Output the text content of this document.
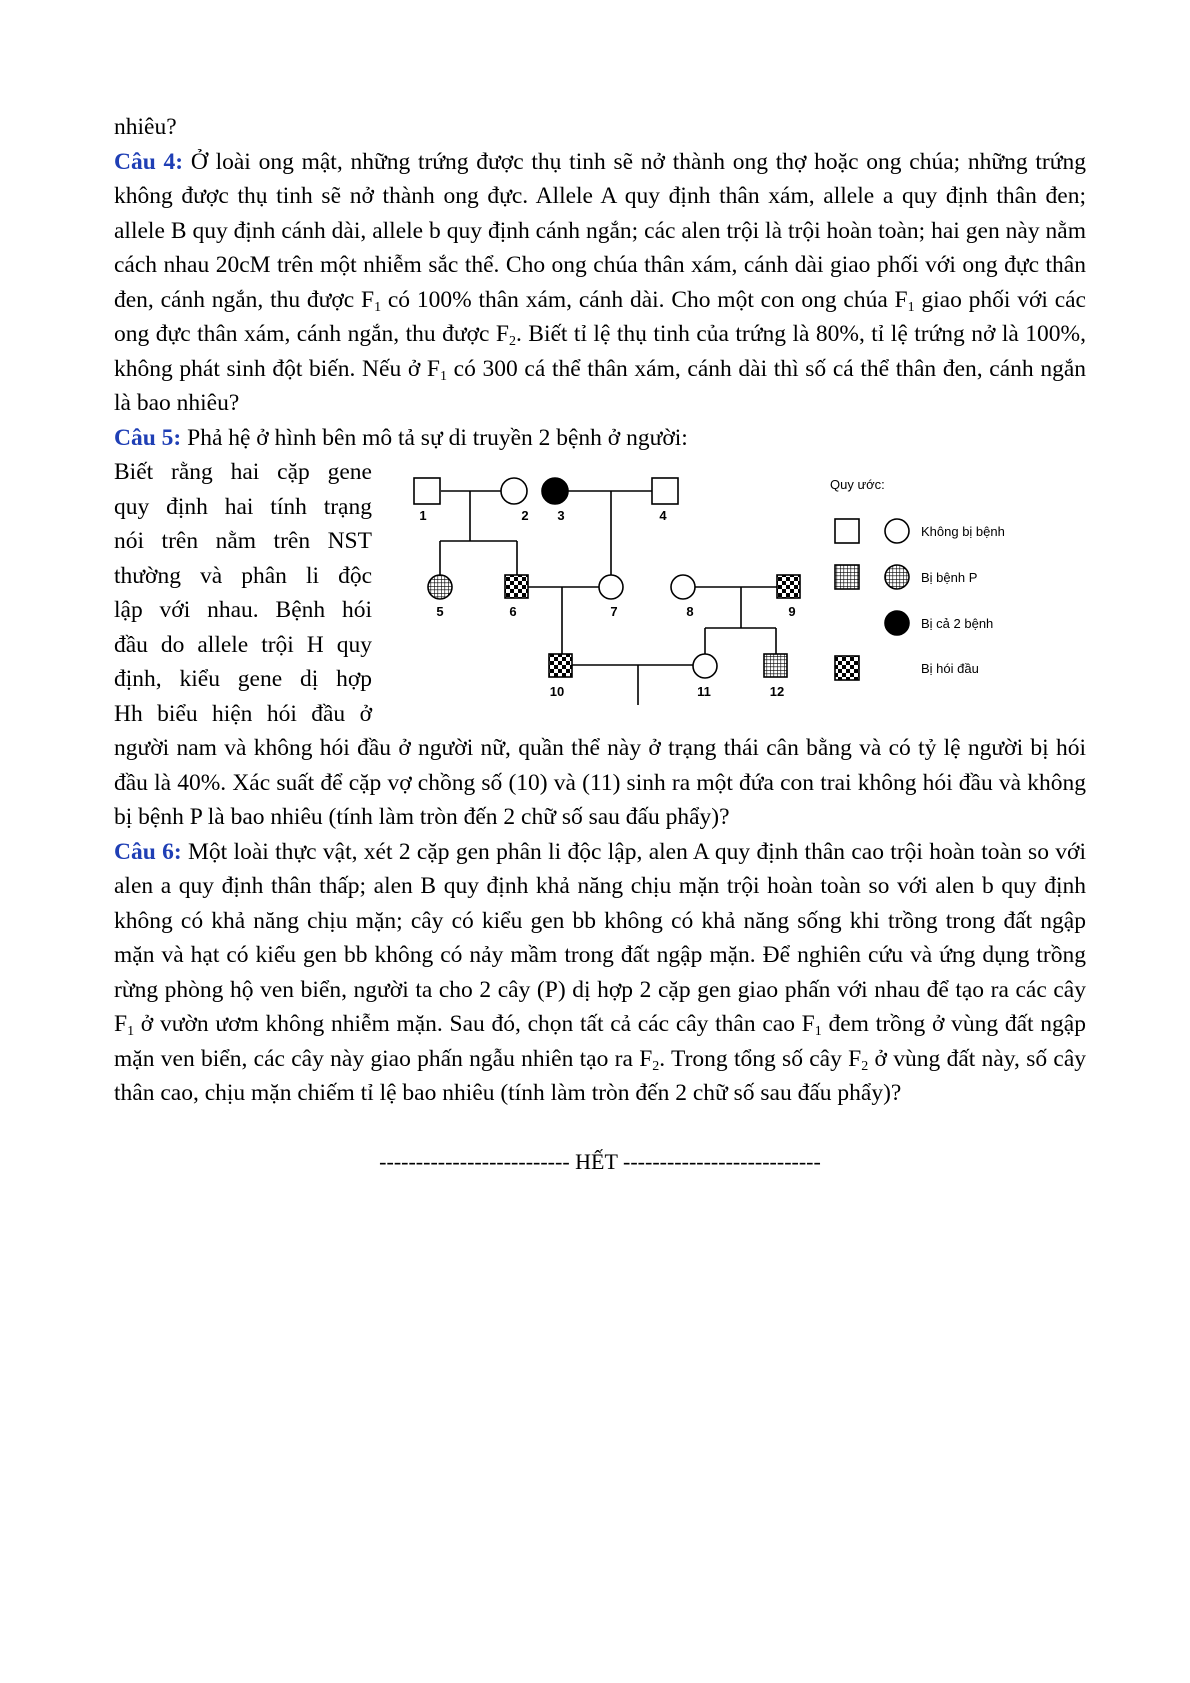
nhiêu?

Câu 4: Ở loài ong mật, những trứng được thụ tinh sẽ nở thành ong thợ hoặc ong chúa; những trứng không được thụ tinh sẽ nở thành ong đực. Allele A quy định thân xám, allele a quy định thân đen; allele B quy định cánh dài, allele b quy định cánh ngắn; các alen trội là trội hoàn toàn; hai gen này nằm cách nhau 20cM trên một nhiễm sắc thể. Cho ong chúa thân xám, cánh dài giao phối với ong đực thân đen, cánh ngắn, thu được $F_1$ có 100% thân xám, cánh dài. Cho một con ong chúa $F_1$ giao phối với các ong đực thân xám, cánh ngắn, thu được $F_2$. Biết tỉ lệ thụ tinh của trứng là 80%, tỉ lệ trứng nở là 100%, không phát sinh đột biến. Nếu ở $F_1$ có 300 cá thể thân xám, cánh dài thì số cá thể thân đen, cánh ngắn là bao nhiêu?

Câu 5: Phả hệ ở hình bên mô tả sự di truyền 2 bệnh ở người:

Biết rằng hai cặp gene
quy định hai tính trạng
nói trên nằm trên NST
thường và phân li độc
lập với nhau. Bệnh hói
đầu do allele trội H quy
định, kiểu gene dị hợp
Hh biểu hiện hói đầu ở
1	2 3	4
5	6	7	8	9
10	11	12
Quy ước:
Không bị bệnh
Bị bệnh P
Bị cả 2 bệnh
Bị hói đầu

người nam và không hói đầu ở người nữ, quần thể này ở trạng thái cân bằng và có tỷ lệ người bị hói đầu là 40%. Xác suất để cặp vợ chồng số (10) và (11) sinh ra một đứa con trai không hói đầu và không bị bệnh P là bao nhiêu (tính làm tròn đến 2 chữ số sau đấu phẩy)?

Câu 6: Một loài thực vật, xét 2 cặp gen phân li độc lập, alen A quy định thân cao trội hoàn toàn so với alen a quy định thân thấp; alen B quy định khả năng chịu mặn trội hoàn toàn so với alen b quy định không có khả năng chịu mặn; cây có kiểu gen bb không có khả năng sống khi trồng trong đất ngập mặn và hạt có kiểu gen bb không có nảy mầm trong đất ngập mặn. Để nghiên cứu và ứng dụng trồng rừng phòng hộ ven biển, người ta cho 2 cây (P) dị hợp 2 cặp gen giao phấn với nhau để tạo ra các cây $F_1$ ở vườn ươm không nhiễm mặn. Sau đó, chọn tất cả các cây thân cao $F_1$ đem trồng ở vùng đất ngập mặn ven biển, các cây này giao phấn ngẫu nhiên tạo ra $F_2$. Trong tổng số cây $F_2$ ở vùng đất này, số cây thân cao, chịu mặn chiếm tỉ lệ bao nhiêu (tính làm tròn đến 2 chữ số sau đấu phẩy)?

-------------------------- HẾT ---------------------------
